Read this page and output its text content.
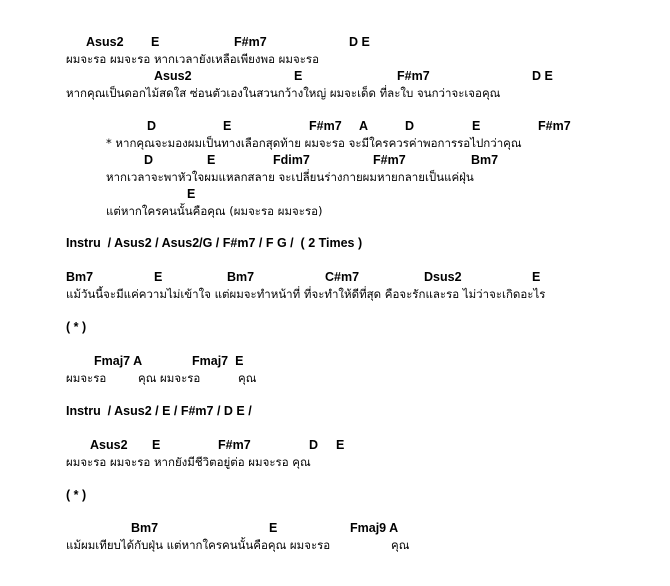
Asus2 E	F#m7	D E
ผมจะรอ ผมจะรอ หากเวลายังเหลือเพียงพอ ผมจะรอ
Asus2	E	F#m7	D E
หากคุณเป็นดอกไม้สดใส ซ่อนตัวเองในสวนกว้างใหญ่ ผมจะเด็ด ที่ละใบ จนกว่าจะเจอคุณ
D	E	F#m7 A	D	E	F#m7
* หากคุณจะมองผมเป็นทางเลือกสุดท้าย ผมจะรอ จะมีใครควรค่าพอการรอไปกว่าคุณ
D	E	Fdim7	F#m7	Bm7
หากเวลาจะพาหัวใจผมแหลกสลาย จะเปลี่ยนร่างกายผมหายกลายเป็นแค่ฝุ่น
E
แต่หากใครคนนั้นคือคุณ (ผมจะรอ ผมจะรอ)
Instru  / Asus2 / Asus2/G / F#m7 / F G /  ( 2 Times )
Bm7	E	Bm7	C#m7	Dsus2	E
แม้วันนี้จะมีแค่ความไม่เข้าใจ แต่ผมจะทำหน้าที่ ที่จะทำให้ดีที่สุด คือจะรักและรอ ไม่ว่าจะเกิดอะไร
( * )
Fmaj7 A	Fmaj7  E
ผมจะรอ	คุณ ผมจะรอ	คุณ
Instru  / Asus2 / E / F#m7 / D E /
Asus2 E	F#m7	D E
ผมจะรอ ผมจะรอ หากยังมีชีวิตอยู่ต่อ ผมจะรอ คุณ
( * )
Bm7	E	Fmaj9 A
แม้ผมเทียบได้กับฝุ่น แต่หากใครคนนั้นคือคุณ ผมจะรอ	คุณ
